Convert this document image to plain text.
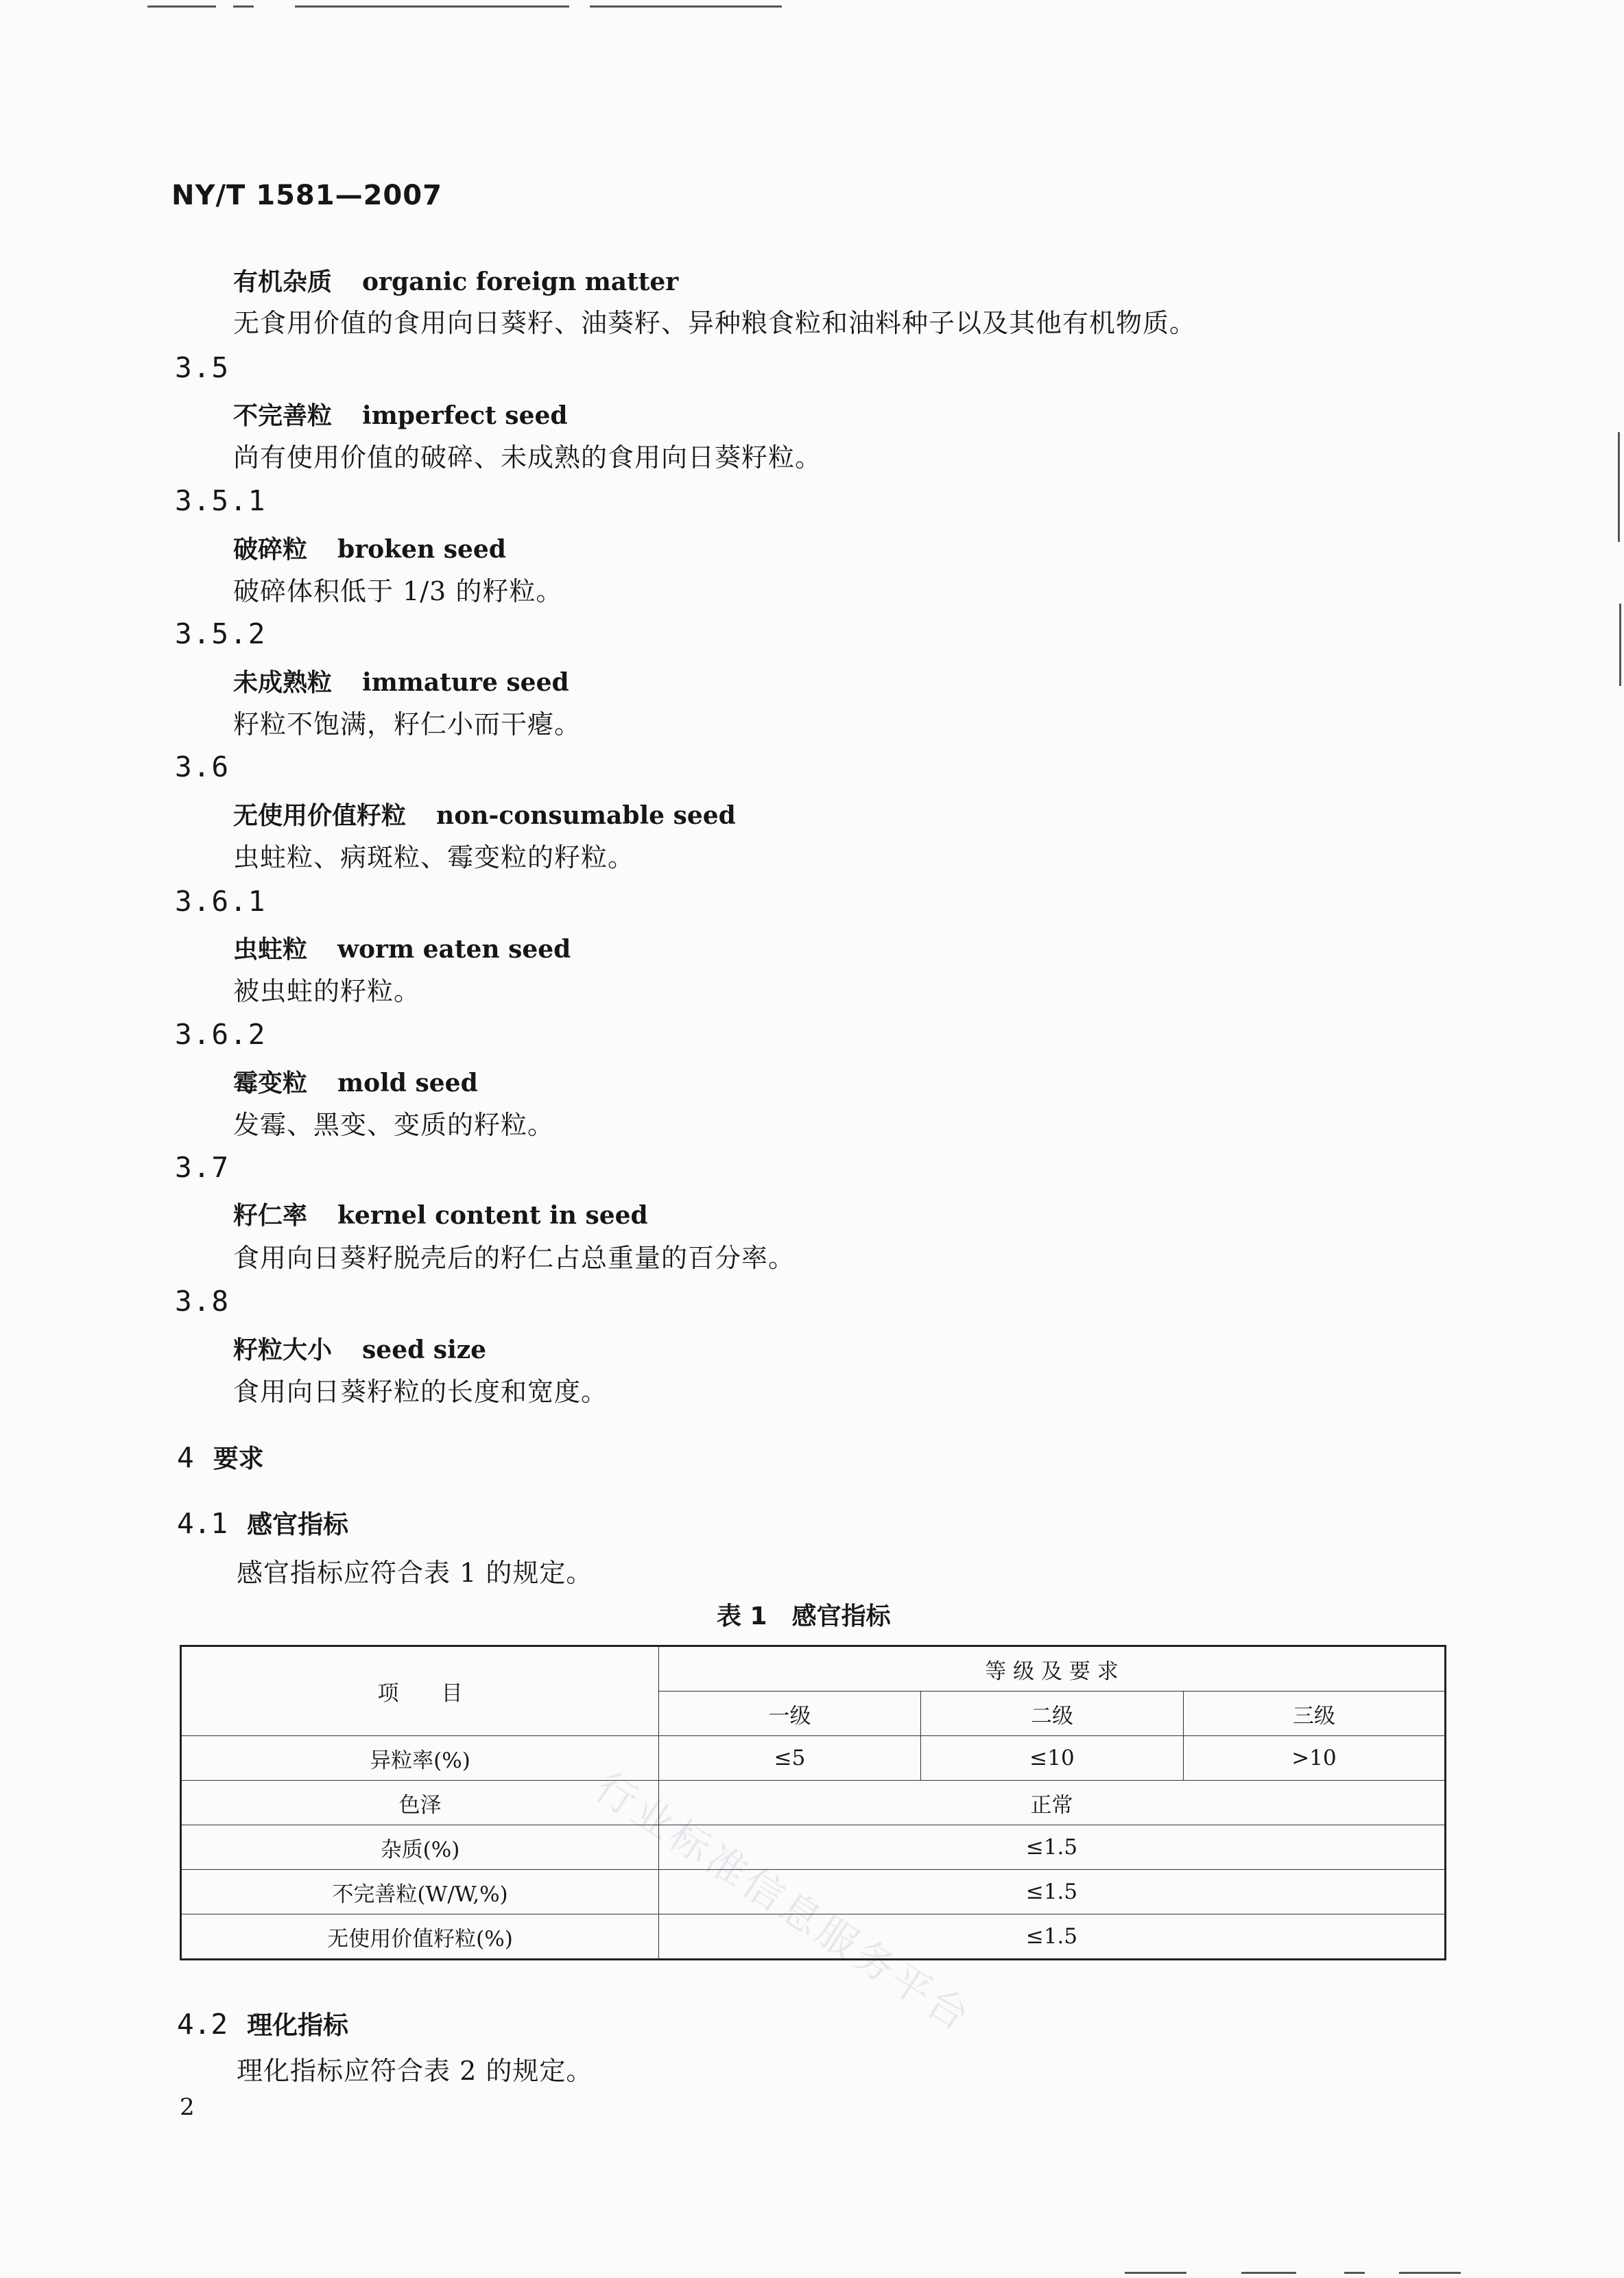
行业标准信息服务平台
NY/T 1581—2007
有机杂质 organic foreign matter
无食用价值的食用向日葵籽、油葵籽、异种粮食粒和油料种子以及其他有机物质。
3.5
不完善粒 imperfect seed
尚有使用价值的破碎、未成熟的食用向日葵籽粒。
3.5.1
破碎粒 broken seed
破碎体积低于 1/3 的籽粒。
3.5.2
未成熟粒 immature seed
籽粒不饱满，籽仁小而干瘪。
3.6
无使用价值籽粒 non-consumable seed
虫蛀粒、病斑粒、霉变粒的籽粒。
3.6.1
虫蛀粒 worm eaten seed
被虫蛀的籽粒。
3.6.2
霉变粒 mold seed
发霉、黑变、变质的籽粒。
3.7
籽仁率 kernel content in seed
食用向日葵籽脱壳后的籽仁占总重量的百分率。
3.8
籽粒大小 seed size
食用向日葵籽粒的长度和宽度。
4 要求
4.1 感官指标
感官指标应符合表 1 的规定。
表 1　感官指标
项　　目	等 级 及 要 求		
	一级	二级	三级
异粒率(%)	≤5	≤10	>10
色泽	正常		
杂质(%)	≤1.5		
不完善粒(W/W,%)	≤1.5		
无使用价值籽粒(%)	≤1.5		
4.2 理化指标
理化指标应符合表 2 的规定。
2
